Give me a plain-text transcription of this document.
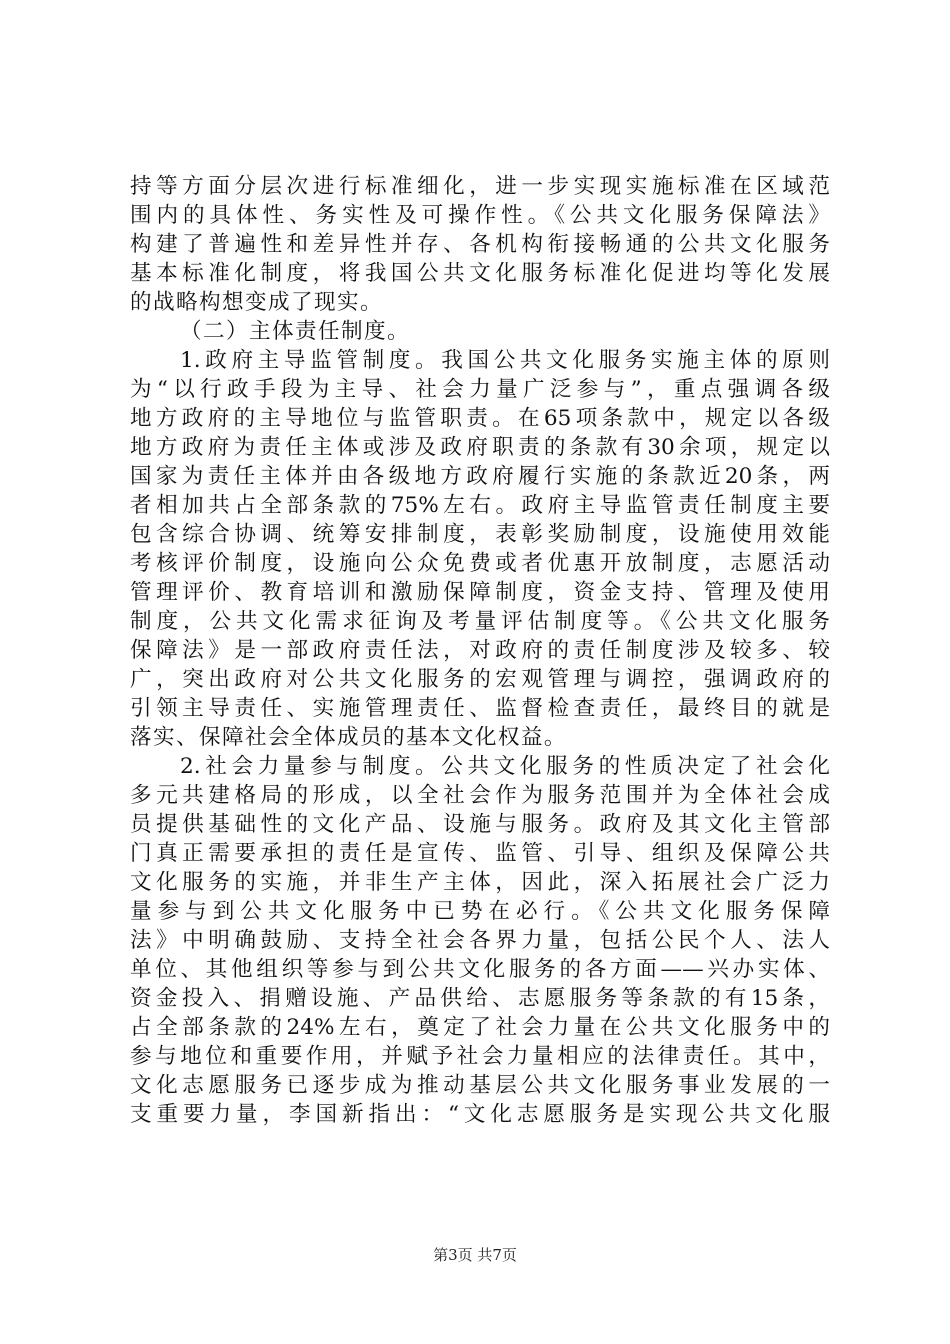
持等方面分层次进行标准细化，进一步实现实施标准在区域范
围内的具体性、务实性及可操作性。《公共文化服务保障法》
构建了普遍性和差异性并存、各机构衔接畅通的公共文化服务
基本标准化制度，将我国公共文化服务标准化促进均等化发展
的战略构想变成了现实。
（二）主体责任制度。
1.政府主导监管制度。我国公共文化服务实施主体的原则
为“以行政手段为主导、社会力量广泛参与”，重点强调各级
地方政府的主导地位与监管职责。在65项条款中，规定以各级
地方政府为责任主体或涉及政府职责的条款有30余项，规定以
国家为责任主体并由各级地方政府履行实施的条款近20条，两
者相加共占全部条款的75%左右。政府主导监管责任制度主要
包含综合协调、统筹安排制度，表彰奖励制度，设施使用效能
考核评价制度，设施向公众免费或者优惠开放制度，志愿活动
管理评价、教育培训和激励保障制度，资金支持、管理及使用
制度，公共文化需求征询及考量评估制度等。《公共文化服务
保障法》是一部政府责任法，对政府的责任制度涉及较多、较
广，突出政府对公共文化服务的宏观管理与调控，强调政府的
引领主导责任、实施管理责任、监督检查责任，最终目的就是
落实、保障社会全体成员的基本文化权益。
2.社会力量参与制度。公共文化服务的性质决定了社会化
多元共建格局的形成，以全社会作为服务范围并为全体社会成
员提供基础性的文化产品、设施与服务。政府及其文化主管部
门真正需要承担的责任是宣传、监管、引导、组织及保障公共
文化服务的实施，并非生产主体，因此，深入拓展社会广泛力
量参与到公共文化服务中已势在必行。《公共文化服务保障
法》中明确鼓励、支持全社会各界力量，包括公民个人、法人
单位、其他组织等参与到公共文化服务的各方面——兴办实体、
资金投入、捐赠设施、产品供给、志愿服务等条款的有15条，
占全部条款的24%左右，奠定了社会力量在公共文化服务中的
参与地位和重要作用，并赋予社会力量相应的法律责任。其中，
文化志愿服务已逐步成为推动基层公共文化服务事业发展的一
支重要力量，李国新指出：“文化志愿服务是实现公共文化服
第3页 共7页
